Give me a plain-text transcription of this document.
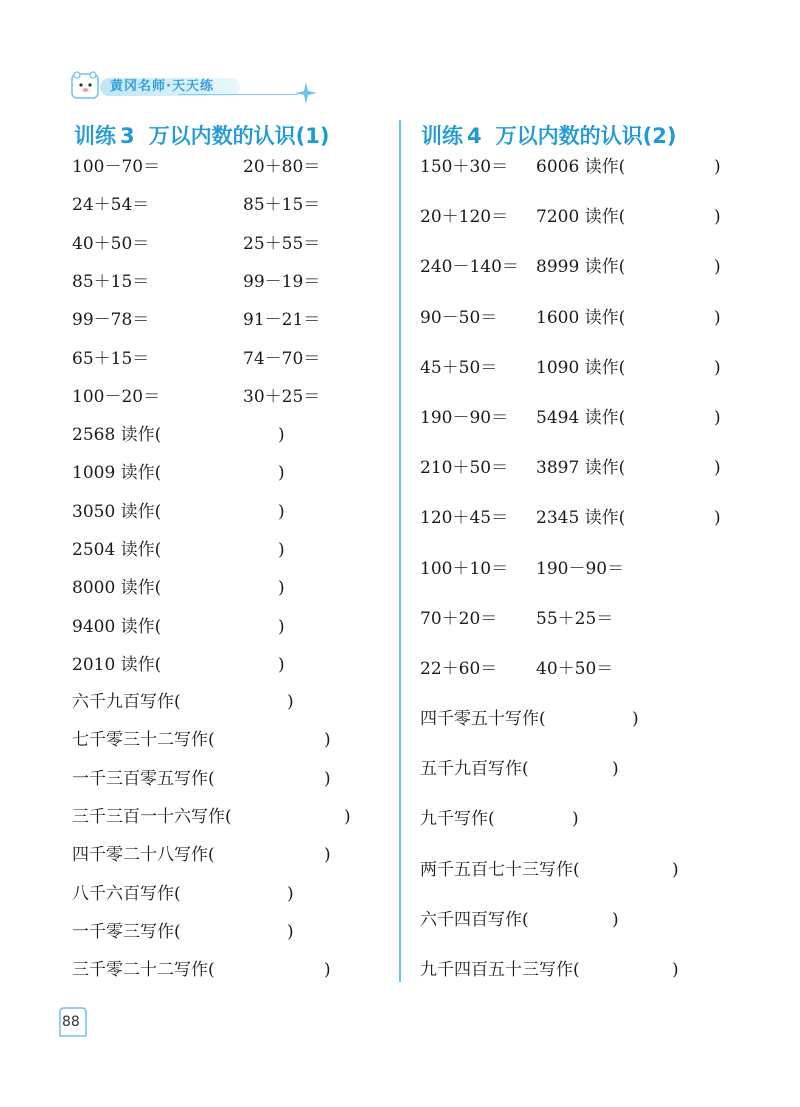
黄冈名师·天天练
训练 3 万以内数的认识(1)	训练 4 万以内数的认识(2)
100－70＝	20＋80＝
24＋54＝	85＋15＝
40＋50＝	25＋55＝
85＋15＝	99－19＝
99－78＝	91－21＝
65＋15＝	74－70＝
100－20＝	30＋25＝
2568 读作(	)
1009 读作(	)
3050 读作(	)
2504 读作(	)
8000 读作(	)
9400 读作(	)
2010 读作(	)
六千九百写作(	)
七千零三十二写作(	)
一千三百零五写作(	)
三千三百一十六写作(	)
四千零二十八写作(	)
八千六百写作(	)
一千零三写作(	)
三千零二十二写作(	)
150＋30＝ 6006 读作(	)
20＋120＝ 7200 读作(	)
240－140＝ 8999 读作(	)
90－50＝ 1600 读作(	)
45＋50＝ 1090 读作(	)
190－90＝ 5494 读作(	)
210＋50＝ 3897 读作(	)
120＋45＝ 2345 读作(	)
100＋10＝ 190－90＝
70＋20＝ 55＋25＝
22＋60＝ 40＋50＝
四千零五十写作(	)
五千九百写作(	)
九千写作(	)
两千五百七十三写作(	)
六千四百写作(	)
九千四百五十三写作(	)
88
